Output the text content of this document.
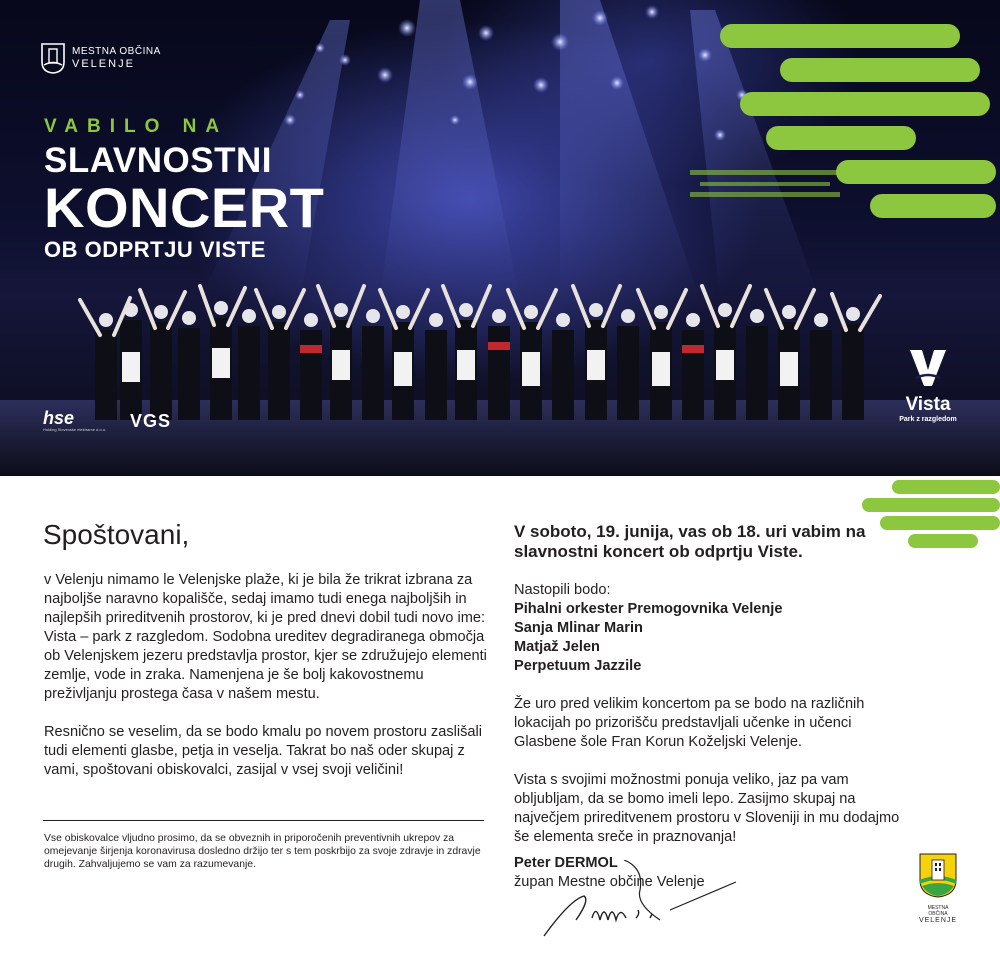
MESTNA OBČINA
VELENJE
VABILO NA
SLAVNOSTNI
KONCERT
OB ODPRTJU VISTE
hse
Holding Slovenske elektrarne d.o.o. VGS
Vista
Park z razgledom
Spoštovani,

v Velenju nimamo le Velenjske plaže, ki je bila že trikrat izbrana za najboljše naravno kopališče, sedaj imamo tudi enega najboljših in najlepših prireditvenih prostorov, ki je pred dnevi dobil tudi novo ime: Vista – park z razgledom. Sodobna ureditev degradiranega območja ob Velenjskem jezeru predstavlja prostor, kjer se združujejo elementi zemlje, vode in zraka. Namenjena je še bolj kakovostnemu preživljanju prostega časa v našem mestu.

Resnično se veselim, da se bodo kmalu po novem prostoru zaslišali tudi elementi glasbe, petja in veselja. Takrat bo naš oder skupaj z vami, spoštovani obiskovalci, zasijal v vsej svoji veličini!

Vse obiskovalce vljudno prosimo, da se obveznih in priporočenih preventivnih ukrepov za omejevanje širjenja koronavirusa dosledno držijo ter s tem poskrbijo za svoje zdravje in zdravje drugih. Zahvaljujemo se vam za razumevanje.
V soboto, 19. junija, vas ob 18. uri vabim na slavnostni koncert ob odprtju Viste.
Nastopili bodo:
Pihalni orkester Premogovnika Velenje
Sanja Mlinar Marin
Matjaž Jelen
Perpetuum Jazzile
Že uro pred velikim koncertom pa se bodo na različnih lokacijah po prizorišču predstavljali učenke in učenci Glasbene šole Fran Korun Koželjski Velenje.
Vista s svojimi možnostmi ponuja veliko, jaz pa vam obljubljam, da se bomo imeli lepo. Zasijmo skupaj na največjem prireditvenem prostoru v Sloveniji in mu dodajmo še elementa sreče in praznovanja!
Peter DERMOL
župan Mestne občine Velenje
MESTNA OBČINA
VELENJE
